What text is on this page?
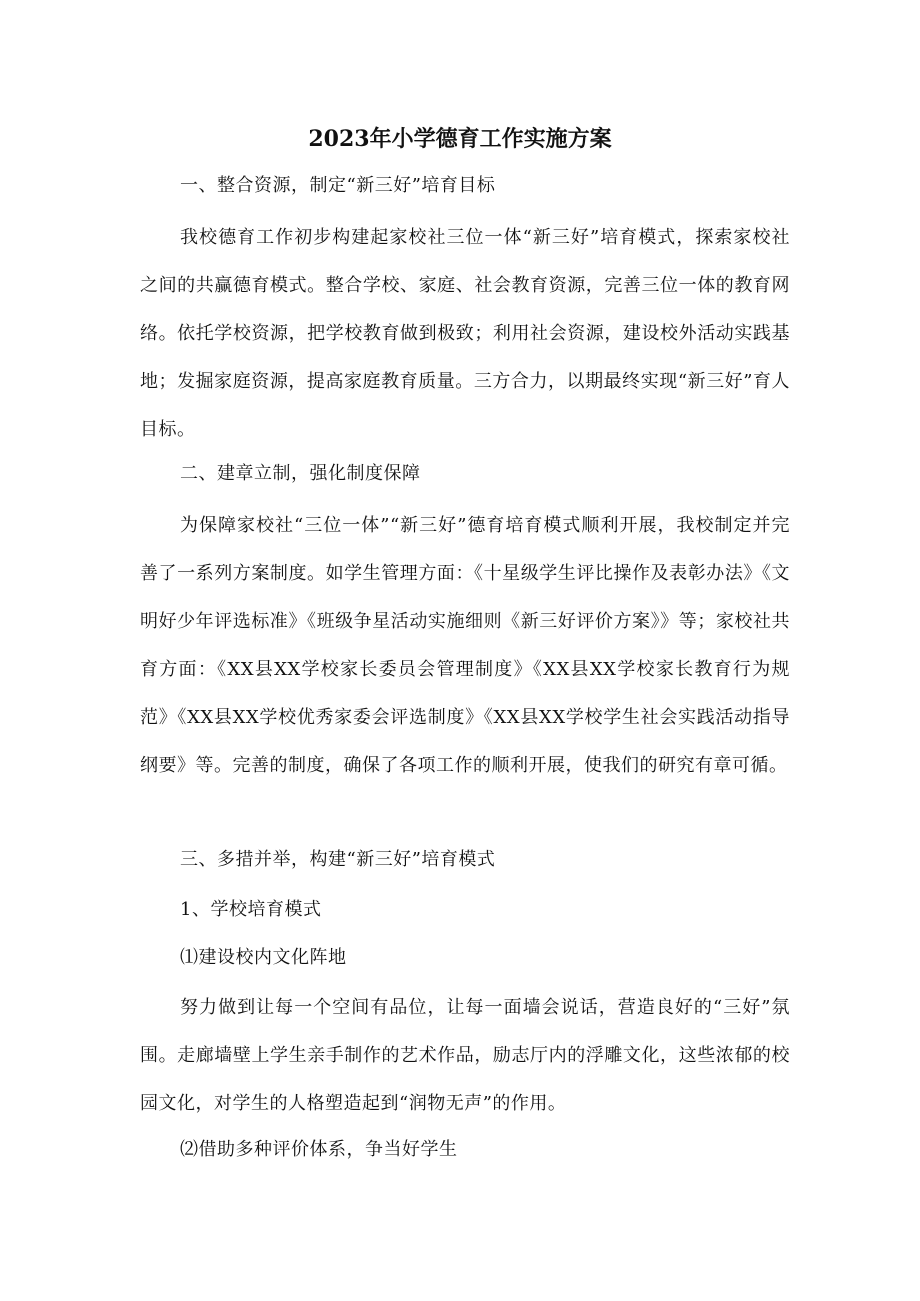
2023年小学德育工作实施方案
一、整合资源，制定“新三好”培育目标
我校德育工作初步构建起家校社三位一体“新三好”培育模式，探索家校社之间的共赢德育模式。整合学校、家庭、社会教育资源，完善三位一体的教育网络。依托学校资源，把学校教育做到极致；利用社会资源，建设校外活动实践基地；发掘家庭资源，提高家庭教育质量。三方合力，以期最终实现“新三好”育人目标。
二、建章立制，强化制度保障
为保障家校社“三位一体”“新三好”德育培育模式顺利开展，我校制定并完善了一系列方案制度。如学生管理方面：《十星级学生评比操作及表彰办法》《文明好少年评选标准》《班级争星活动实施细则《新三好评价方案》》等；家校社共育方面：《XX县XX学校家长委员会管理制度》《XX县XX学校家长教育行为规范》《XX县XX学校优秀家委会评选制度》《XX县XX学校学生社会实践活动指导纲要》等。完善的制度，确保了各项工作的顺利开展，使我们的研究有章可循。
三、多措并举，构建“新三好”培育模式
1、学校培育模式
⑴建设校内文化阵地
努力做到让每一个空间有品位，让每一面墙会说话，营造良好的“三好”氛围。走廊墙壁上学生亲手制作的艺术作品，励志厅内的浮雕文化，这些浓郁的校园文化，对学生的人格塑造起到“润物无声”的作用。
⑵借助多种评价体系，争当好学生
